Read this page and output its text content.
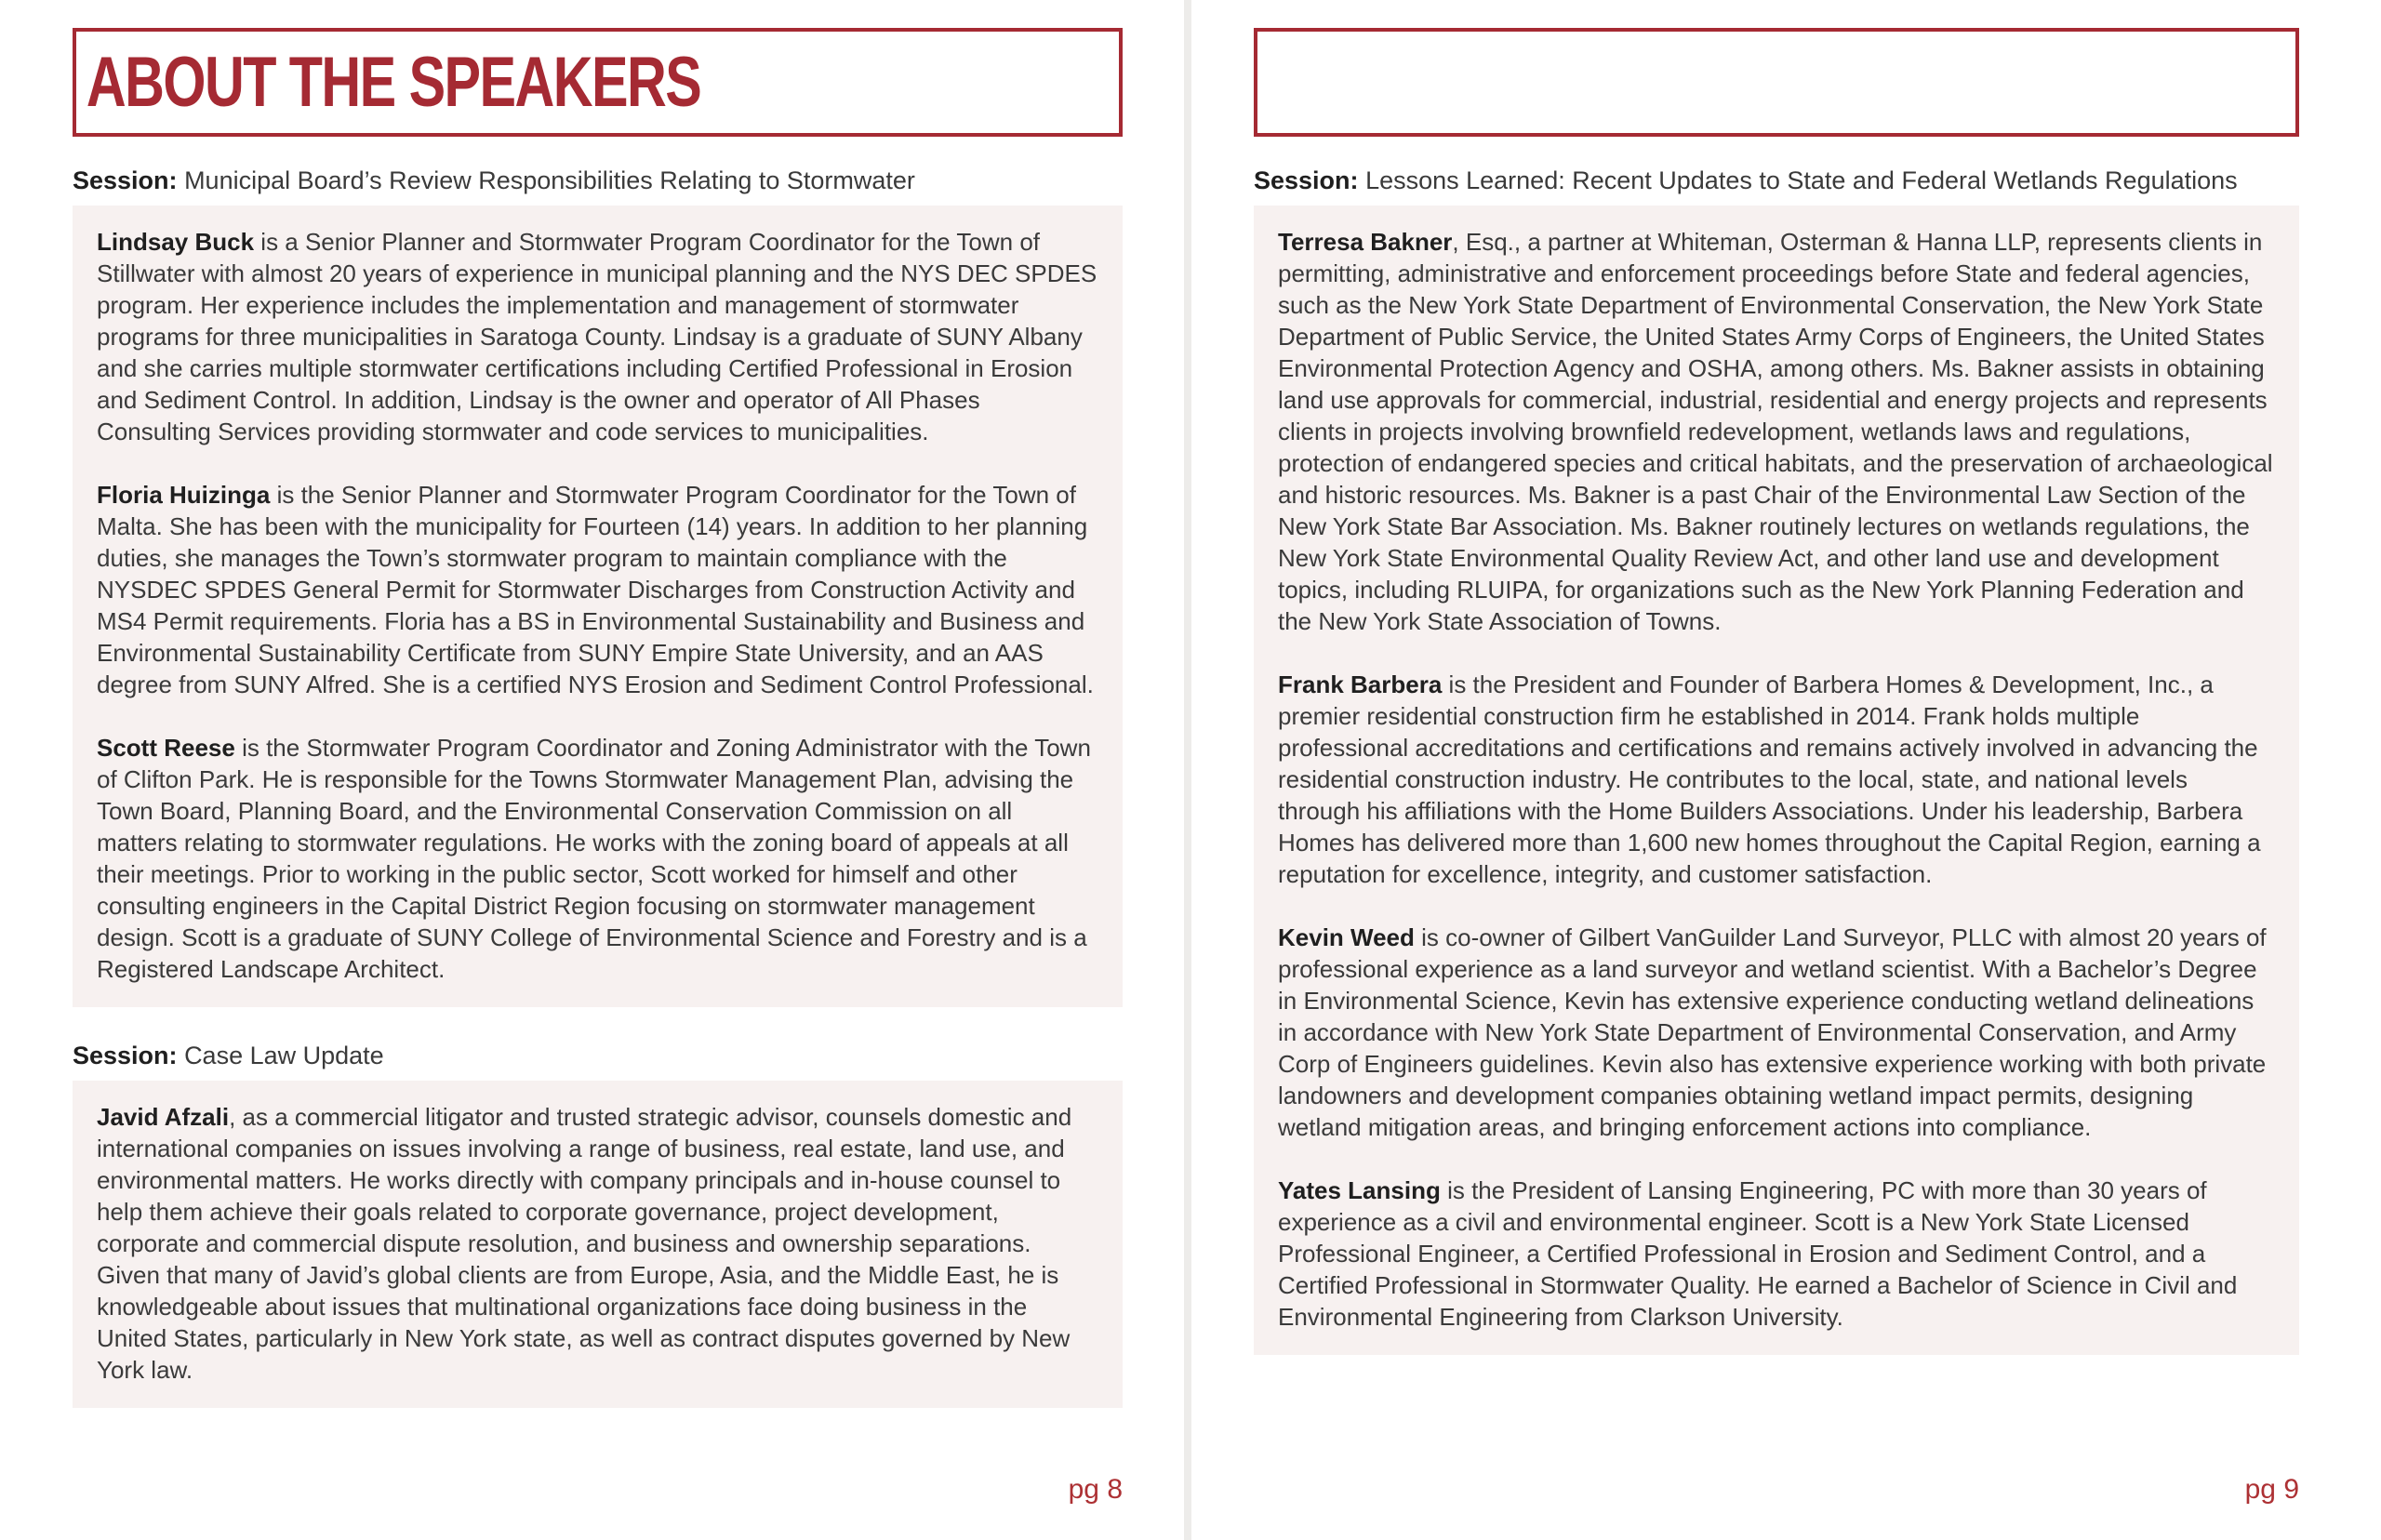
ABOUT THE SPEAKERS

Session: Municipal Board’s Review Responsibilities Relating to Stormwater

Lindsay Buck is a Senior Planner and Stormwater Program Coordinator for the Town of Stillwater with almost 20 years of experience in municipal planning and the NYS DEC SPDES program. Her experience includes the implementation and management of stormwater programs for three municipalities in Saratoga County. Lindsay is a graduate of SUNY Albany and she carries multiple stormwater certifications including Certified Professional in Erosion and Sediment Control. In addition, Lindsay is the owner and operator of All Phases Consulting Services providing stormwater and code services to municipalities.

Floria Huizinga is the Senior Planner and Stormwater Program Coordinator for the Town of Malta. She has been with the municipality for Fourteen (14) years. In addition to her planning duties, she manages the Town’s stormwater program to maintain compliance with the NYSDEC SPDES General Permit for Stormwater Discharges from Construction Activity and MS4 Permit requirements. Floria has a BS in Environmental Sustainability and Business and Environmental Sustainability Certificate from SUNY Empire State University, and an AAS degree from SUNY Alfred. She is a certified NYS Erosion and Sediment Control Professional.

Scott Reese is the Stormwater Program Coordinator and Zoning Administrator with the Town of Clifton Park. He is responsible for the Towns Stormwater Management Plan, advising the Town Board, Planning Board, and the Environmental Conservation Commission on all matters relating to stormwater regulations. He works with the zoning board of appeals at all their meetings. Prior to working in the public sector, Scott worked for himself and other consulting engineers in the Capital District Region focusing on stormwater management design. Scott is a graduate of SUNY College of Environmental Science and Forestry and is a Registered Landscape Architect.

Session: Case Law Update

Javid Afzali, as a commercial litigator and trusted strategic advisor, counsels domestic and international companies on issues involving a range of business, real estate, land use, and environmental matters. He works directly with company principals and in-house counsel to help them achieve their goals related to corporate governance, project development, corporate and commercial dispute resolution, and business and ownership separations. Given that many of Javid’s global clients are from Europe, Asia, and the Middle East, he is knowledgeable about issues that multinational organizations face doing business in the United States, particularly in New York state, as well as contract disputes governed by New York law.

pg 8

Session: Lessons Learned: Recent Updates to State and Federal Wetlands Regulations

Terresa Bakner, Esq., a partner at Whiteman, Osterman & Hanna LLP, represents clients in permitting, administrative and enforcement proceedings before State and federal agencies, such as the New York State Department of Environmental Conservation, the New York State Department of Public Service, the United States Army Corps of Engineers, the United States Environmental Protection Agency and OSHA, among others. Ms. Bakner assists in obtaining land use approvals for commercial, industrial, residential and energy projects and represents clients in projects involving brownfield redevelopment, wetlands laws and regulations, protection of endangered species and critical habitats, and the preservation of archaeological and historic resources. Ms. Bakner is a past Chair of the Environmental Law Section of the New York State Bar Association. Ms. Bakner routinely lectures on wetlands regulations, the New York State Environmental Quality Review Act, and other land use and development topics, including RLUIPA, for organizations such as the New York Planning Federation and the New York State Association of Towns.

Frank Barbera is the President and Founder of Barbera Homes & Development, Inc., a premier residential construction firm he established in 2014. Frank holds multiple professional accreditations and certifications and remains actively involved in advancing the residential construction industry. He contributes to the local, state, and national levels through his affiliations with the Home Builders Associations. Under his leadership, Barbera Homes has delivered more than 1,600 new homes throughout the Capital Region, earning a reputation for excellence, integrity, and customer satisfaction.

Kevin Weed is co-owner of Gilbert VanGuilder Land Surveyor, PLLC with almost 20 years of professional experience as a land surveyor and wetland scientist. With a Bachelor’s Degree in Environmental Science, Kevin has extensive experience conducting wetland delineations in accordance with New York State Department of Environmental Conservation, and Army Corp of Engineers guidelines. Kevin also has extensive experience working with both private landowners and development companies obtaining wetland impact permits, designing wetland mitigation areas, and bringing enforcement actions into compliance.

Yates Lansing is the President of Lansing Engineering, PC with more than 30 years of experience as a civil and environmental engineer. Scott is a New York State Licensed Professional Engineer, a Certified Professional in Erosion and Sediment Control, and a Certified Professional in Stormwater Quality. He earned a Bachelor of Science in Civil and Environmental Engineering from Clarkson University.

pg 9
